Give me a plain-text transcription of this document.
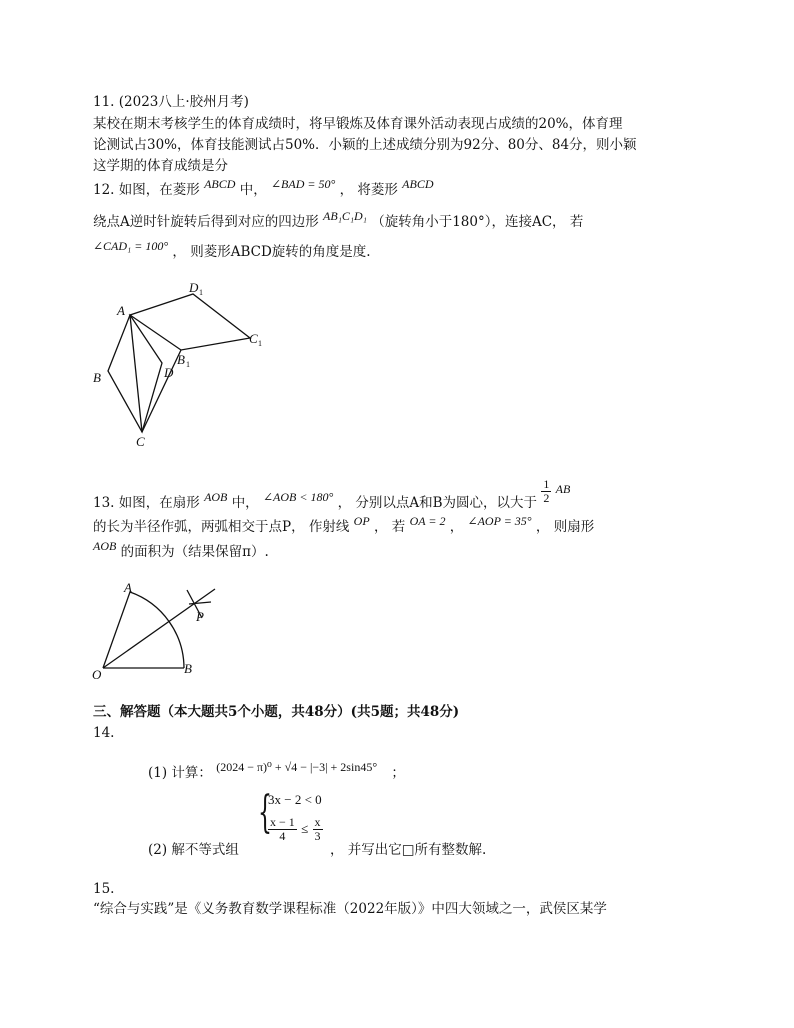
11. (2023八上·胶州月考)
某校在期末考核学生的体育成绩时，将早锻炼及体育课外活动表现占成绩的20%，体育理
论测试占30%，体育技能测试占50%．小颖的上述成绩分别为92分、80分、84分，则小颖
这学期的体育成绩是分
12. 如图，在菱形 ABCD 中， ∠BAD = 50° ， 将菱形 ABCD
绕点A逆时针旋转后得到对应的四边形 AB₁C₁D₁ （旋转角小于180°），连接AC， 若
∠CAD₁ = 100° ， 则菱形ABCD旋转的角度是度.
A
B
C
D
B 1
C 1
D 1
13. 如图，在扇形 AOB 中， ∠AOB < 180° ， 分别以点A和B为圆心，以大于 $\frac{1}{2}$ AB
的长为半径作弧，两弧相交于点P， 作射线 OP ， 若 OA = 2 ， ∠AOP = 35° ， 则扇形
AOB 的面积为（结果保留π）.
A
O	B
P
三、解答题（本大题共5个小题，共48分）(共5题；共48分)
14.
(1) 计算： (2024 − π)⁰ + √4 − |−3| + 2sin45° ；
(2) 解不等式组
{
3x − 2 < 0
$\frac{x - 1}{4} \le \frac{x}{3}$
， 并写出它□所有整数解.
15.
“综合与实践”是《义务教育数学课程标准（2022年版）》中四大领域之一，武侯区某学
